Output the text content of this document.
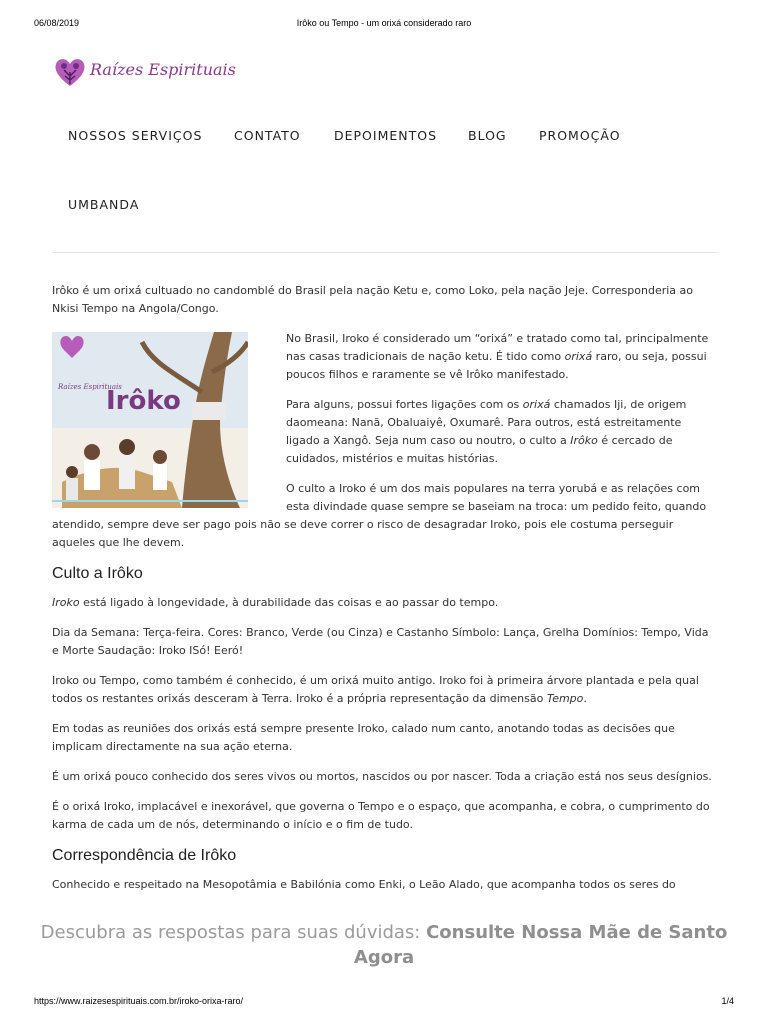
06/08/2019	Irôko ou Tempo - um orixá considerado raro
Raízes Espirituais
NOSSOS SERVIÇOS	CONTATO	DEPOIMENTOS BLOG	PROMOÇÃO
UMBANDA

Irôko é um orixá cultuado no candomblé do Brasil pela nação Ketu e, como Loko, pela nação Jeje. Corresponderia ao Nkisi Tempo na Angola/Congo.

Raízes Espirituais
Irôko

No Brasil, Iroko é considerado um “orixá” e tratado como tal, principalmente nas casas tradicionais de nação ketu. É tido como orixá raro, ou seja, possui poucos filhos e raramente se vê Irôko manifestado.

Para alguns, possui fortes ligações com os orixá chamados Iji, de origem daomeana: Nanã, Obaluaiyê, Oxumarê. Para outros, está estreitamente ligado a Xangô. Seja num caso ou noutro, o culto a Irôko é cercado de cuidados, mistérios e muitas histórias.

O culto a Iroko é um dos mais populares na terra yorubá e as relações com esta divindade quase sempre se baseiam na troca: um pedido feito, quando atendido, sempre deve ser pago pois não se deve correr o risco de desagradar Iroko, pois ele costuma perseguir aqueles que lhe devem.

Culto a Irôko

Iroko está ligado à longevidade, à durabilidade das coisas e ao passar do tempo.

Dia da Semana: Terça-feira. Cores: Branco, Verde (ou Cinza) e Castanho Símbolo: Lança, Grelha Domínios: Tempo, Vida e Morte Saudação: Iroko ISó! Eeró!

Iroko ou Tempo, como também é conhecido, é um orixá muito antigo. Iroko foi à primeira árvore plantada e pela qual todos os restantes orixás desceram à Terra. Iroko é a própria representação da dimensão Tempo.

Em todas as reuniões dos orixás está sempre presente Iroko, calado num canto, anotando todas as decisões que implicam directamente na sua ação eterna.

É um orixá pouco conhecido dos seres vivos ou mortos, nascidos ou por nascer. Toda a criação está nos seus desígnios.

É o orixá Iroko, implacável e inexorável, que governa o Tempo e o espaço, que acompanha, e cobra, o cumprimento do karma de cada um de nós, determinando o início e o fim de tudo.

Correspondência de Irôko

Conhecido e respeitado na Mesopotâmia e Babilónia como Enki, o Leão Alado, que acompanha todos os seres do

Descubra as respostas para suas dúvidas: Consulte Nossa Mãe de Santo Agora
https://www.raizesespirituais.com.br/iroko-orixa-raro/	1/4
